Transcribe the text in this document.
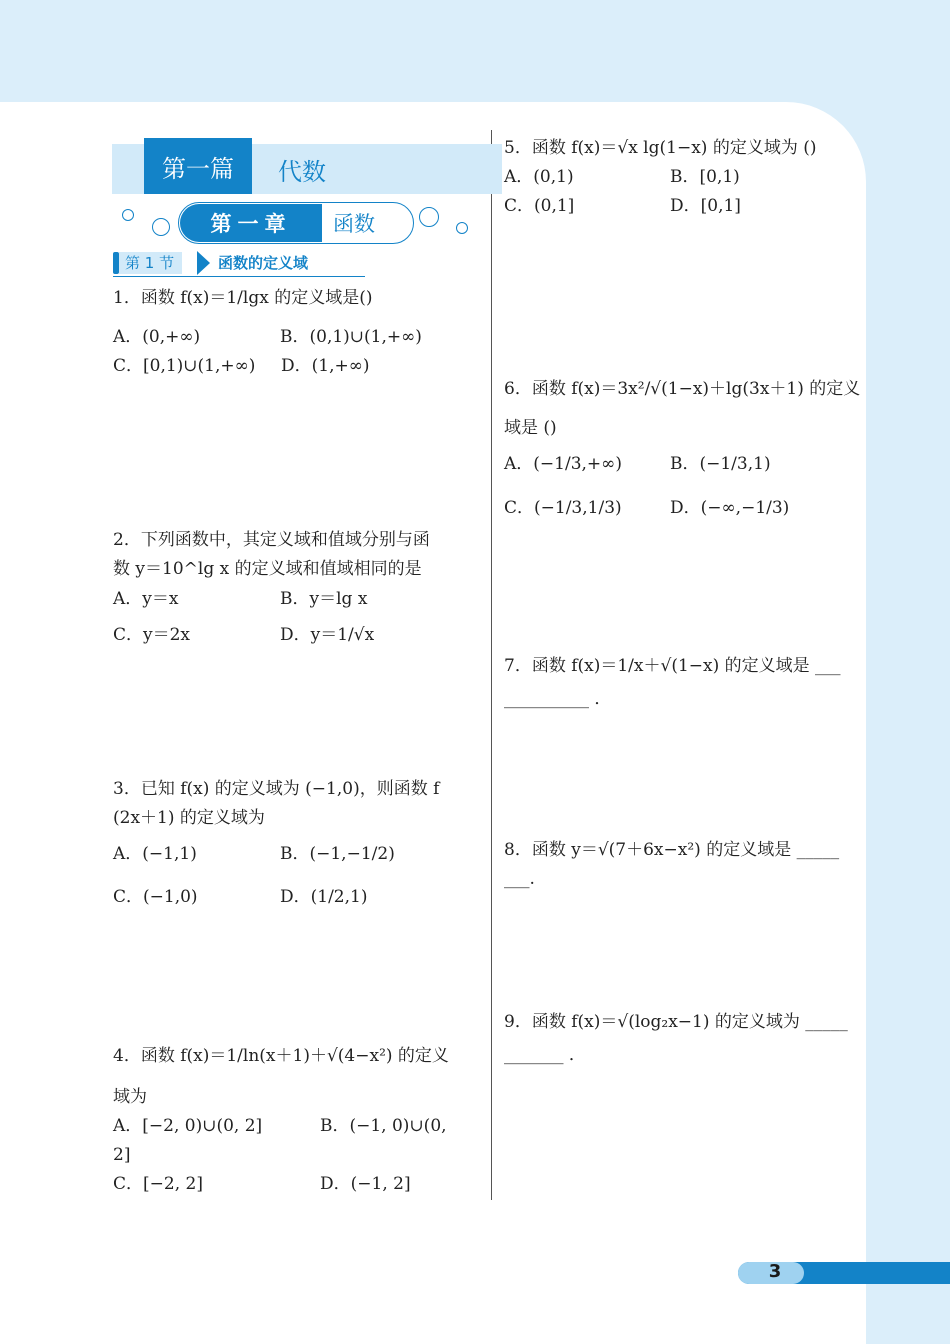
第一篇	代数
第一章	函数
第 1 节	函数的定义域
1．函数 f(x)＝1/lgx 的定义域是()
A．(0,+∞)	B．(0,1)∪(1,+∞)
C．[0,1)∪(1,+∞) D．(1,+∞)
2．下列函数中，其定义域和值域分别与函
数 y＝10^lg x 的定义域和值域相同的是
A．y＝x	B．y＝lg x
C．y＝2x	D．y＝1/√x
3．已知 f(x) 的定义域为 (−1,0)，则函数 f
(2x＋1) 的定义域为
A．(−1,1)	B．(−1,−1/2)
C．(−1,0)	D．(1/2,1)
4．函数 f(x)＝1/ln(x＋1)＋√(4−x²) 的定义
域为
A．[−2, 0)∪(0, 2]	B．(−1, 0)∪(0,
2]
C．[−2, 2]	D．(−1, 2]
5．函数 f(x)＝√x lg(1−x) 的定义域为 ()
A．(0,1)	B．[0,1)
C．(0,1]	D．[0,1]
6．函数 f(x)＝3x²/√(1−x)＋lg(3x＋1) 的定义
域是 ()
A．(−1/3,+∞)	B．(−1/3,1)
C．(−1/3,1/3)	D．(−∞,−1/3)
7．函数 f(x)＝1/x＋√(1−x) 的定义域是 ___
__________ ．
8．函数 y＝√(7＋6x−x²) 的定义域是 _____
___.
9．函数 f(x)＝√(log₂x−1) 的定义域为 _____
_______ ．
3
